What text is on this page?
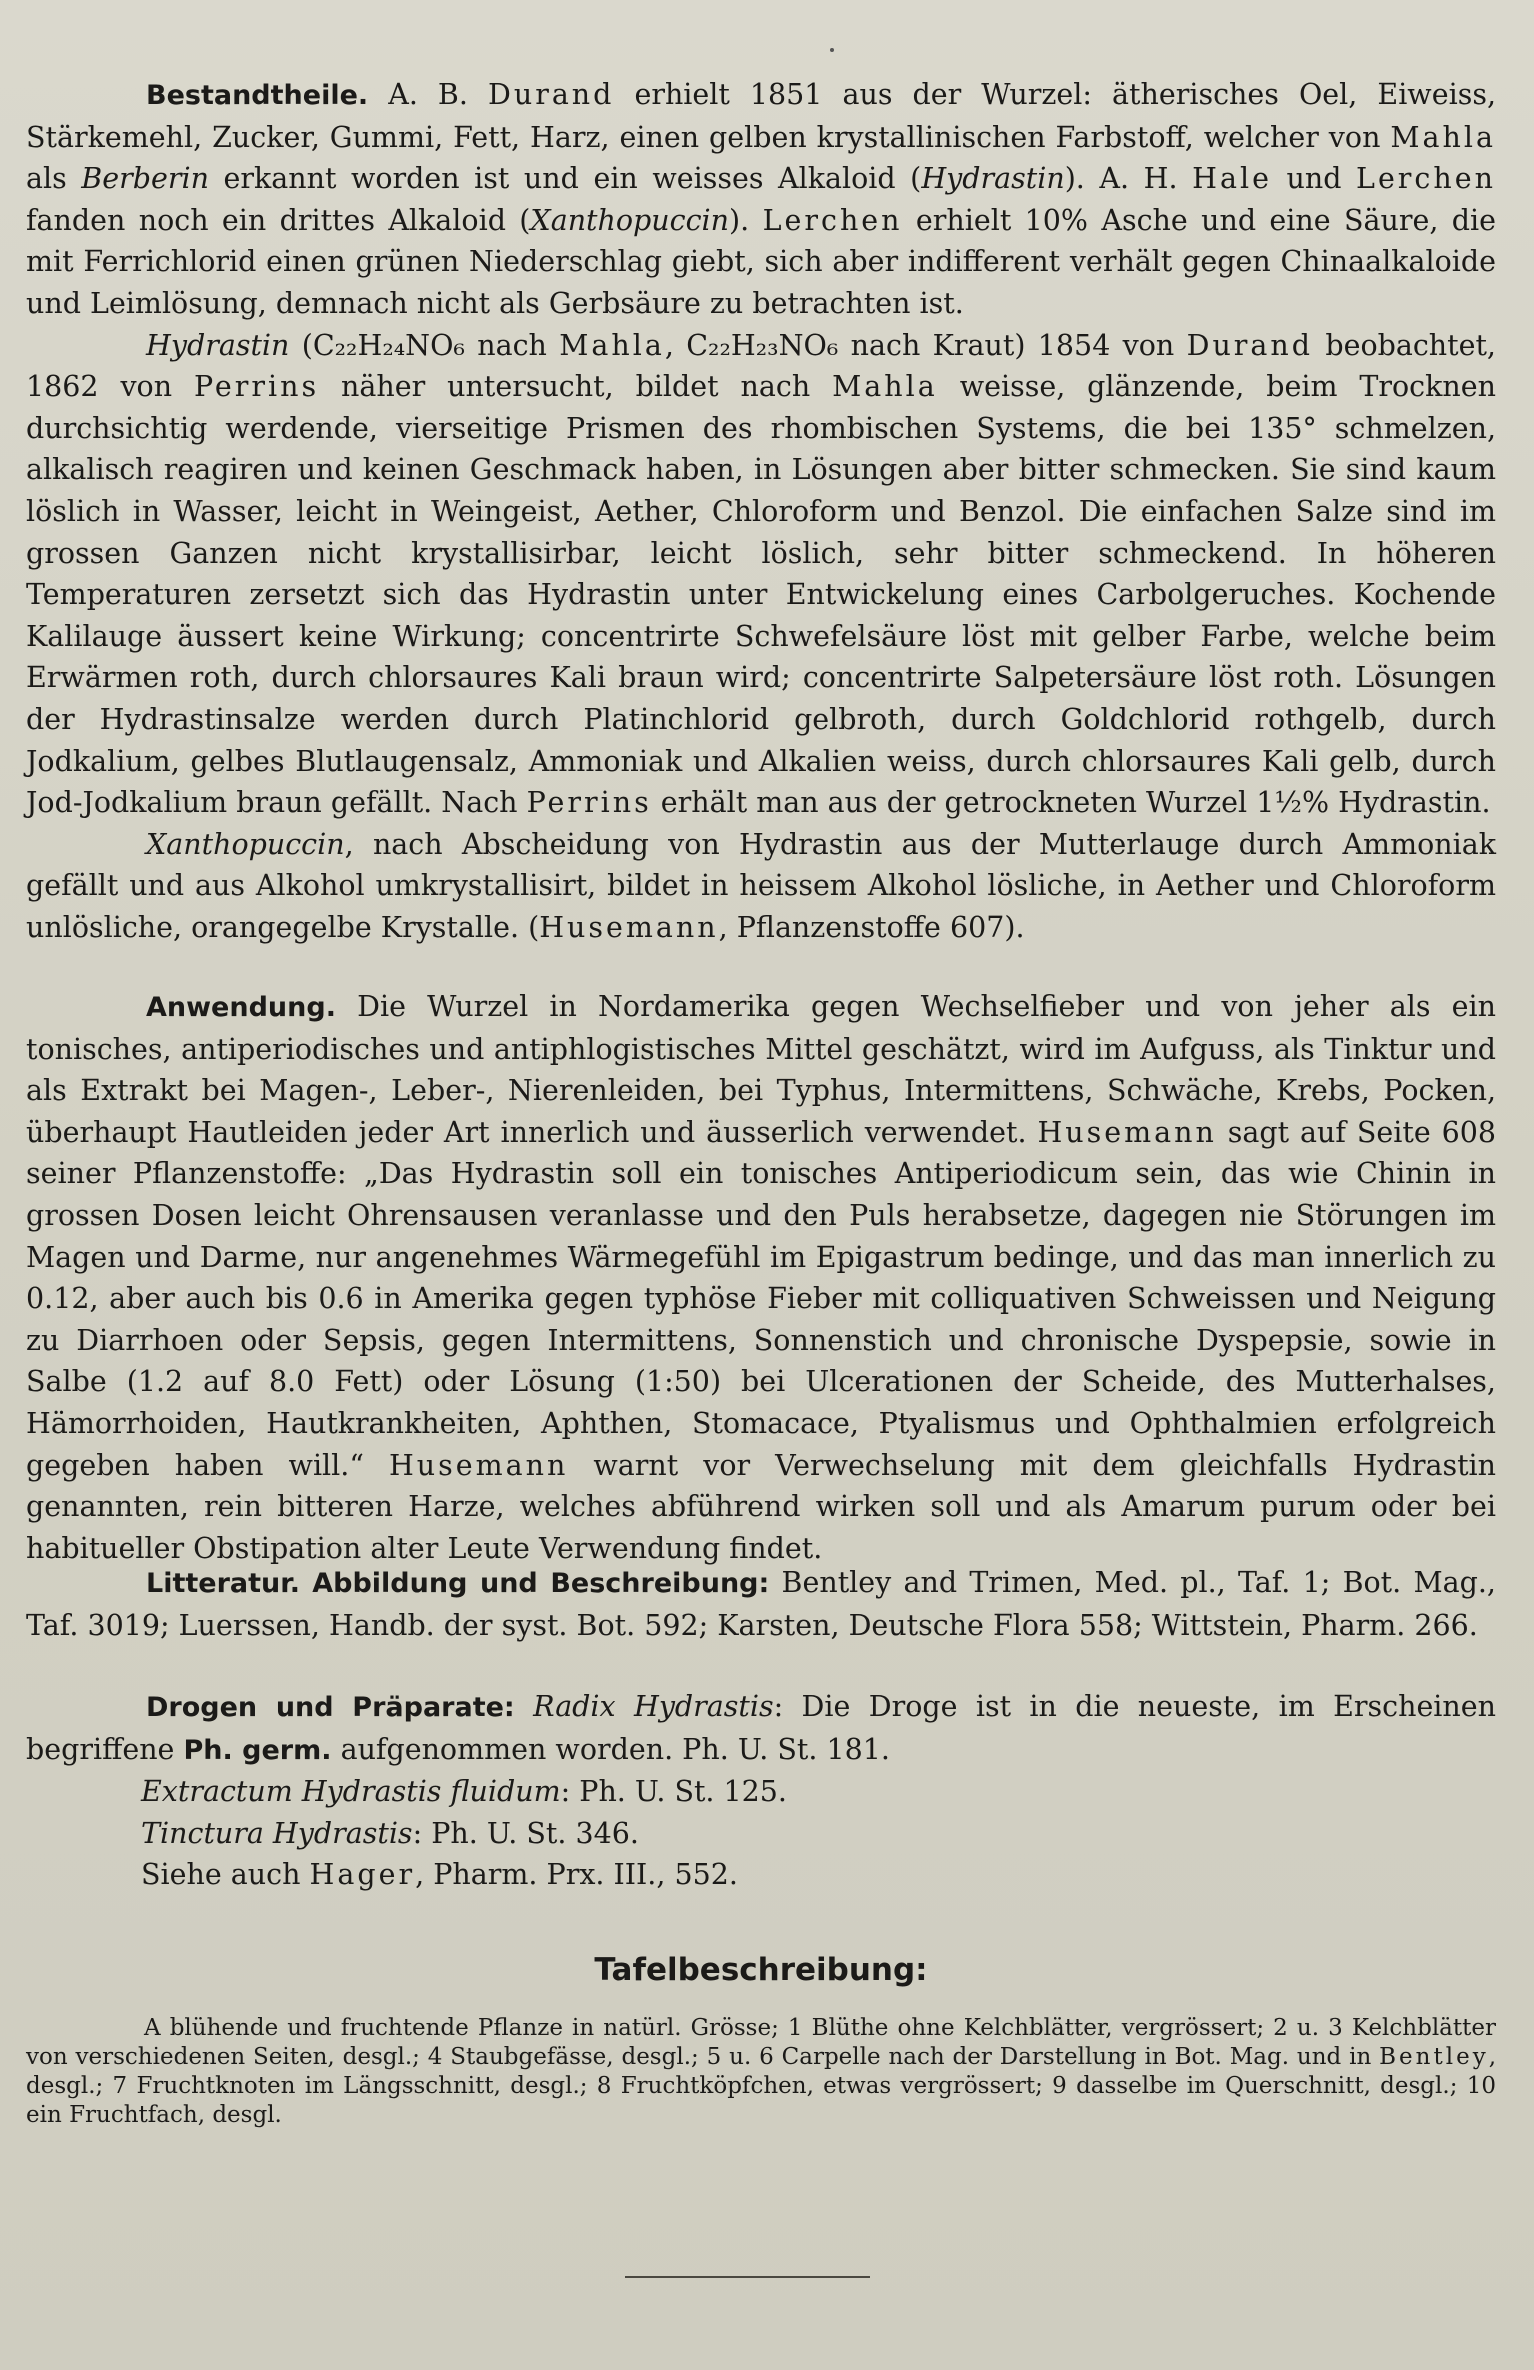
Bestandtheile. A. B. Durand erhielt 1851 aus der Wurzel: ätherisches Oel, Eiweiss, Stärkemehl, Zucker, Gummi, Fett, Harz, einen gelben krystallinischen Farbstoff, welcher von Mahla als Berberin erkannt worden ist und ein weisses Alkaloid (Hydrastin). A. H. Hale und Lerchen fanden noch ein drittes Alkaloid (Xanthopuccin). Lerchen erhielt 10% Asche und eine Säure, die mit Ferrichlorid einen grünen Niederschlag giebt, sich aber indifferent verhält gegen Chinaalkaloide und Leimlösung, demnach nicht als Gerbsäure zu betrachten ist.

Hydrastin (C₂₂H₂₄NO₆ nach Mahla, C₂₂H₂₃NO₆ nach Kraut) 1854 von Durand beobachtet, 1862 von Perrins näher untersucht, bildet nach Mahla weisse, glänzende, beim Trocknen durchsichtig werdende, vierseitige Prismen des rhombischen Systems, die bei 135° schmelzen, alkalisch reagiren und keinen Geschmack haben, in Lösungen aber bitter schmecken. Sie sind kaum löslich in Wasser, leicht in Weingeist, Aether, Chloroform und Benzol. Die einfachen Salze sind im grossen Ganzen nicht krystallisirbar, leicht löslich, sehr bitter schmeckend. In höheren Temperaturen zersetzt sich das Hydrastin unter Entwickelung eines Carbolgeruches. Kochende Kalilauge äussert keine Wirkung; concentrirte Schwefelsäure löst mit gelber Farbe, welche beim Erwärmen roth, durch chlorsaures Kali braun wird; concentrirte Salpetersäure löst roth. Lösungen der Hydrastinsalze werden durch Platinchlorid gelbroth, durch Goldchlorid rothgelb, durch Jodkalium, gelbes Blutlaugensalz, Ammoniak und Alkalien weiss, durch chlorsaures Kali gelb, durch Jod-Jodkalium braun gefällt. Nach Perrins erhält man aus der getrockneten Wurzel 1½% Hydrastin.

Xanthopuccin, nach Abscheidung von Hydrastin aus der Mutterlauge durch Ammoniak gefällt und aus Alkohol umkrystallisirt, bildet in heissem Alkohol lösliche, in Aether und Chloroform unlösliche, orangegelbe Krystalle. (Husemann, Pflanzenstoffe 607).

Anwendung. Die Wurzel in Nordamerika gegen Wechselfieber und von jeher als ein tonisches, antiperiodisches und antiphlogistisches Mittel geschätzt, wird im Aufguss, als Tinktur und als Extrakt bei Magen-, Leber-, Nierenleiden, bei Typhus, Intermittens, Schwäche, Krebs, Pocken, überhaupt Hautleiden jeder Art innerlich und äusserlich verwendet. Husemann sagt auf Seite 608 seiner Pflanzenstoffe: „Das Hydrastin soll ein tonisches Antiperiodicum sein, das wie Chinin in grossen Dosen leicht Ohrensausen veranlasse und den Puls herabsetze, dagegen nie Störungen im Magen und Darme, nur angenehmes Wärmegefühl im Epigastrum bedinge, und das man innerlich zu 0.12, aber auch bis 0.6 in Amerika gegen typhöse Fieber mit colliquativen Schweissen und Neigung zu Diarrhoen oder Sepsis, gegen Intermittens, Sonnenstich und chronische Dyspepsie, sowie in Salbe (1.2 auf 8.0 Fett) oder Lösung (1:50) bei Ulcerationen der Scheide, des Mutterhalses, Hämorrhoiden, Hautkrankheiten, Aphthen, Stomacace, Ptyalismus und Ophthalmien erfolgreich gegeben haben will.“ Husemann warnt vor Verwechselung mit dem gleichfalls Hydrastin genannten, rein bitteren Harze, welches abführend wirken soll und als Amarum purum oder bei habitueller Obstipation alter Leute Verwendung findet.

Litteratur. Abbildung und Beschreibung: Bentley and Trimen, Med. pl., Taf. 1; Bot. Mag., Taf. 3019; Luerssen, Handb. der syst. Bot. 592; Karsten, Deutsche Flora 558; Wittstein, Pharm. 266.

Drogen und Präparate: Radix Hydrastis: Die Droge ist in die neueste, im Erscheinen begriffene Ph. germ. aufgenommen worden. Ph. U. St. 181.

Extractum Hydrastis fluidum: Ph. U. St. 125.

Tinctura Hydrastis: Ph. U. St. 346.

Siehe auch Hager, Pharm. Prx. III., 552.

Tafelbeschreibung:

A blühende und fruchtende Pflanze in natürl. Grösse; 1 Blüthe ohne Kelchblätter, vergrössert; 2 u. 3 Kelchblätter von verschiedenen Seiten, desgl.; 4 Staubgefässe, desgl.; 5 u. 6 Carpelle nach der Darstellung in Bot. Mag. und in Bentley, desgl.; 7 Fruchtknoten im Längsschnitt, desgl.; 8 Fruchtköpfchen, etwas vergrössert; 9 dasselbe im Querschnitt, desgl.; 10 ein Fruchtfach, desgl.
